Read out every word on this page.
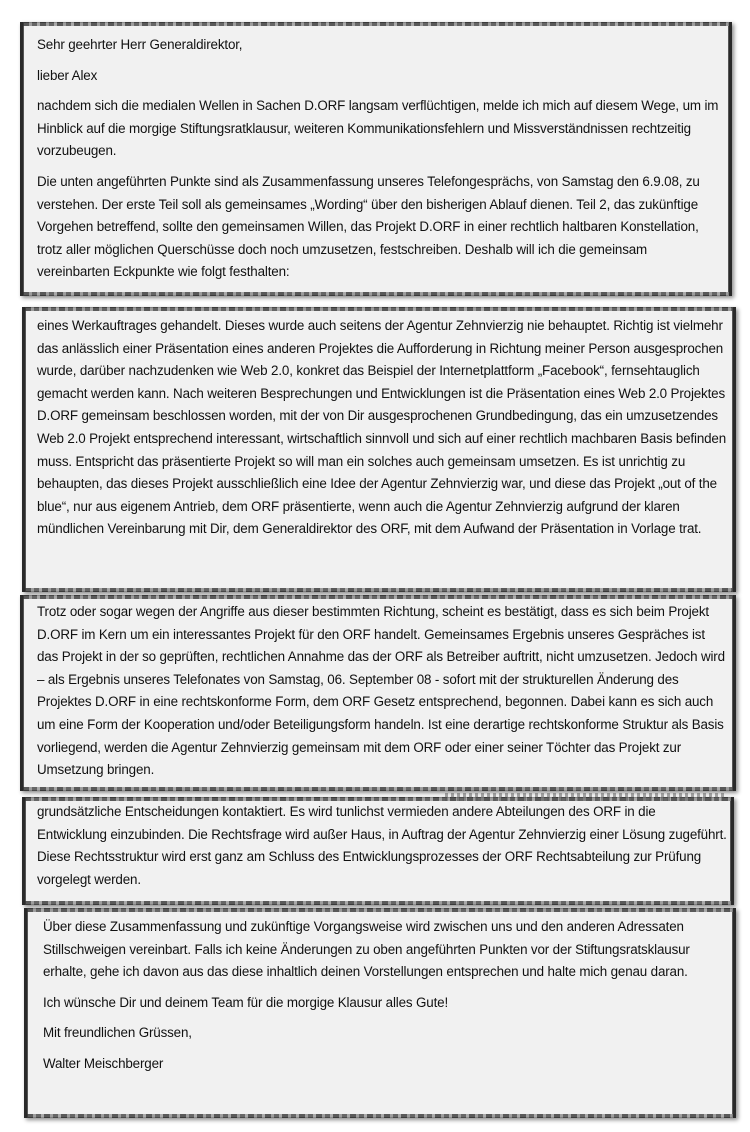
Sehr geehrter Herr Generaldirektor,

lieber Alex

nachdem sich die medialen Wellen in Sachen D.ORF langsam verflüchtigen, melde ich mich auf diesem Wege, um im Hinblick auf die morgige Stiftungsratklausur, weiteren Kommunikationsfehlern und Missverständnissen rechtzeitig vorzubeugen.

Die unten angeführten Punkte sind als Zusammenfassung unseres Telefongesprächs, von Samstag den 6.9.08, zu verstehen. Der erste Teil soll als gemeinsames „Wording“ über den bisherigen Ablauf dienen. Teil 2, das zukünftige Vorgehen betreffend, sollte den gemeinsamen Willen, das Projekt D.ORF in einer rechtlich haltbaren Konstellation, trotz aller möglichen Querschüsse doch noch umzusetzen, festschreiben. Deshalb will ich die gemeinsam vereinbarten Eckpunkte wie folgt festhalten:

eines Werkauftrages gehandelt. Dieses wurde auch seitens der Agentur Zehnvierzig nie behauptet. Richtig ist vielmehr das anlässlich einer Präsentation eines anderen Projektes die Aufforderung in Richtung meiner Person ausgesprochen wurde, darüber nachzudenken wie Web 2.0, konkret das Beispiel der Internetplattform „Facebook“, fernsehtauglich gemacht werden kann. Nach weiteren Besprechungen und Entwicklungen ist die Präsentation eines Web 2.0 Projektes D.ORF gemeinsam beschlossen worden, mit der von Dir ausgesprochenen Grundbedingung, das ein umzusetzendes Web 2.0 Projekt entsprechend interessant, wirtschaftlich sinnvoll und sich auf einer rechtlich machbaren Basis befinden muss. Entspricht das präsentierte Projekt so will man ein solches auch gemeinsam umsetzen. Es ist unrichtig zu behaupten, das dieses Projekt ausschließlich eine Idee der Agentur Zehnvierzig war, und diese das Projekt „out of the blue“, nur aus eigenem Antrieb, dem ORF präsentierte, wenn auch die Agentur Zehnvierzig aufgrund der klaren mündlichen Vereinbarung mit Dir, dem Generaldirektor des ORF, mit dem Aufwand der Präsentation in Vorlage trat.

Trotz oder sogar wegen der Angriffe aus dieser bestimmten Richtung, scheint es bestätigt, dass es sich beim Projekt D.ORF im Kern um ein interessantes Projekt für den ORF handelt. Gemeinsames Ergebnis unseres Gespräches ist das Projekt in der so geprüften, rechtlichen Annahme das der ORF als Betreiber auftritt, nicht umzusetzen. Jedoch wird – als Ergebnis unseres Telefonates von Samstag, 06. September 08 - sofort mit der strukturellen Änderung des Projektes D.ORF in eine rechtskonforme Form, dem ORF Gesetz entsprechend, begonnen. Dabei kann es sich auch um eine Form der Kooperation und/oder Beteiligungsform handeln. Ist eine derartige rechtskonforme Struktur als Basis vorliegend, werden die Agentur Zehnvierzig gemeinsam mit dem ORF oder einer seiner Töchter das Projekt zur Umsetzung bringen.

grundsätzliche Entscheidungen kontaktiert. Es wird tunlichst vermieden andere Abteilungen des ORF in die Entwicklung einzubinden. Die Rechtsfrage wird außer Haus, in Auftrag der Agentur Zehnvierzig einer Lösung zugeführt. Diese Rechtsstruktur wird erst ganz am Schluss des Entwicklungsprozesses der ORF Rechtsabteilung zur Prüfung vorgelegt werden.

Über diese Zusammenfassung und zukünftige Vorgangsweise wird zwischen uns und den anderen Adressaten Stillschweigen vereinbart. Falls ich keine Änderungen zu oben angeführten Punkten vor der Stiftungsratsklausur erhalte, gehe ich davon aus das diese inhaltlich deinen Vorstellungen entsprechen und halte mich genau daran.

Ich wünsche Dir und deinem Team für die morgige Klausur alles Gute!

Mit freundlichen Grüssen,

Walter Meischberger
